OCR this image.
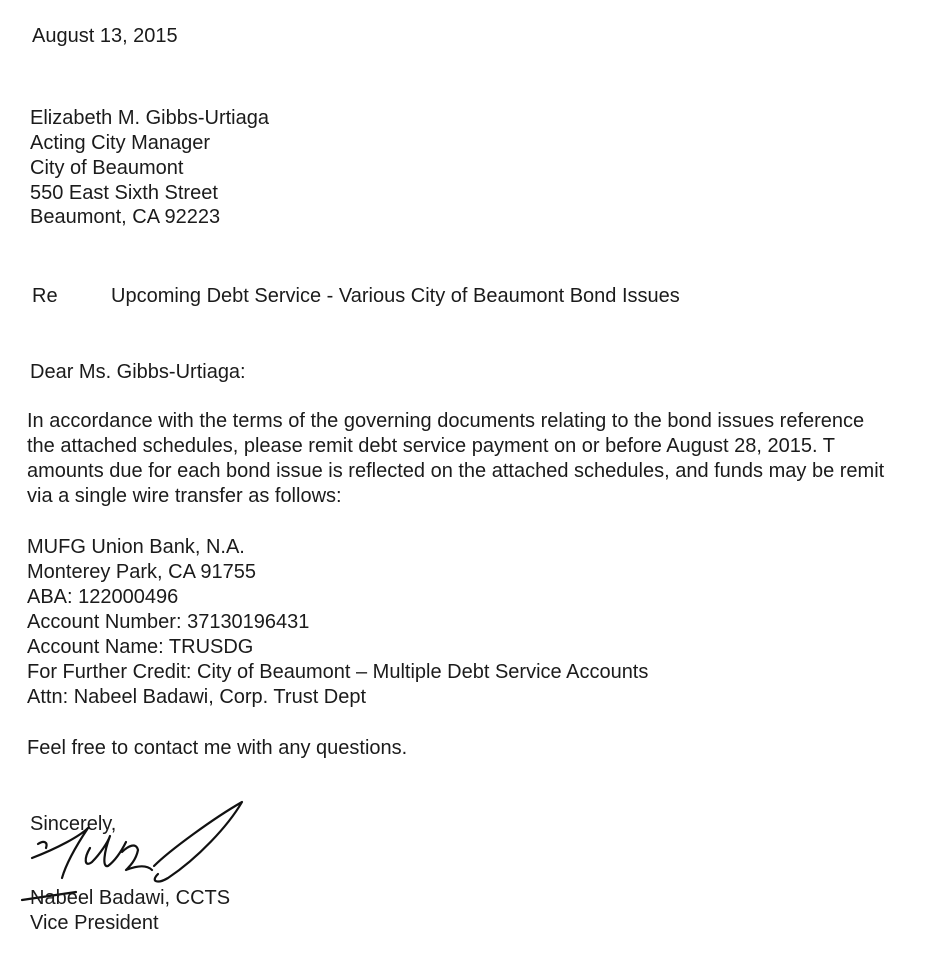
August 13, 2015

Elizabeth M. Gibbs-Urtiaga

Acting City Manager

City of Beaumont

550 East Sixth Street

Beaumont, CA 92223

Re	Upcoming Debt Service - Various City of Beaumont Bond Issues

Dear Ms. Gibbs-Urtiaga:

In accordance with the terms of the governing documents relating to the bond issues reference

the attached schedules, please remit debt service payment on or before August 28, 2015. T

amounts due for each bond issue is reflected on the attached schedules, and funds may be remit

via a single wire transfer as follows:

MUFG Union Bank, N.A.

Monterey Park, CA 91755

ABA: 122000496

Account Number: 37130196431

Account Name: TRUSDG

For Further Credit: City of Beaumont – Multiple Debt Service Accounts

Attn: Nabeel Badawi, Corp. Trust Dept

Feel free to contact me with any questions.

Sincerely,

Nabeel Badawi, CCTS

Vice President
